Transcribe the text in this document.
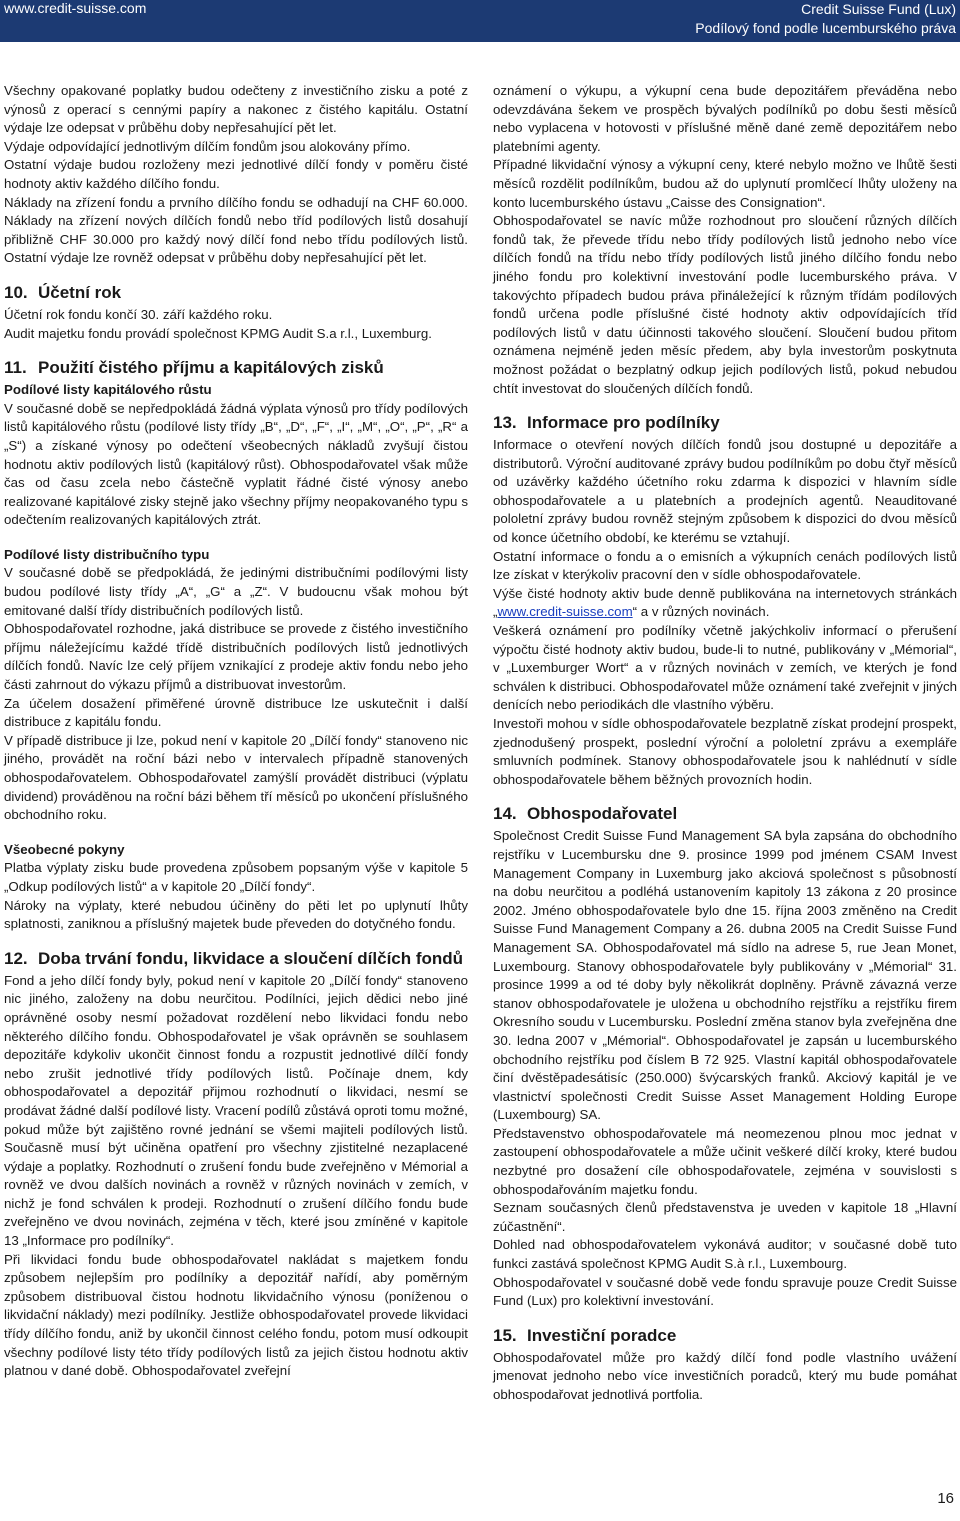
www.credit-suisse.com	Credit Suisse Fund (Lux)
Podílový fond podle lucemburského práva

Všechny opakované poplatky budou odečteny z investičního zisku a poté z výnosů z operací s cennými papíry a nakonec z čistého kapitálu. Ostatní výdaje lze odepsat v průběhu doby nepřesahující pět let.

Výdaje odpovídající jednotlivým dílčím fondům jsou alokovány přímo.

Ostatní výdaje budou rozloženy mezi jednotlivé dílčí fondy v poměru čisté hodnoty aktiv každého dílčího fondu.

Náklady na zřízení fondu a prvního dílčího fondu se odhadují na CHF 60.000. Náklady na zřízení nových dílčích fondů nebo tříd podílových listů dosahují přibližně CHF 30.000 pro každý nový dílčí fond nebo třídu podílových listů. Ostatní výdaje lze rovněž odepsat v průběhu doby nepřesahující pět let.

10. Účetní rok

Účetní rok fondu končí 30. září každého roku.

Audit majetku fondu provádí společnost KPMG Audit S.a r.l., Luxemburg.

11. Použití čistého příjmu a kapitálových zisků
Podílové listy kapitálového růstu

V současné době se nepředpokládá žádná výplata výnosů pro třídy podílových listů kapitálového růstu (podílové listy třídy „B“, „D“, „F“, „I“, „M“, „O“, „P“, „R“ a „S“) a získané výnosy po odečtení všeobecných nákladů zvyšují čistou hodnotu aktiv podílových listů (kapitálový růst). Obhospodařovatel však může čas od času zcela nebo částečně vyplatit řádné čisté výnosy anebo realizované kapitálové zisky stejně jako všechny příjmy neopakovaného typu s odečtením realizovaných kapitálových ztrát.

Podílové listy distribučního typu

V současné době se předpokládá, že jedinými distribučními podílovými listy budou podílové listy třídy „A“, „G“ a „Z“. V budoucnu však mohou být emitované další třídy distribučních podílových listů.

Obhospodařovatel rozhodne, jaká distribuce se provede z čistého investičního příjmu náležejícímu každé třídě distribučních podílových listů jednotlivých dílčích fondů. Navíc lze celý příjem vznikající z prodeje aktiv fondu nebo jeho části zahrnout do výkazu příjmů a distribuovat investorům.

Za účelem dosažení přiměřené úrovně distribuce lze uskutečnit i další distribuce z kapitálu fondu.

V případě distribuce ji lze, pokud není v kapitole 20 „Dílčí fondy“ stanoveno nic jiného, provádět na roční bázi nebo v intervalech případně stanovených obhospodařovatelem. Obhospodařovatel zamýšlí provádět distribuci (výplatu dividend) prováděnou na roční bázi během tří měsíců po ukončení příslušného obchodního roku.

Všeobecné pokyny

Platba výplaty zisku bude provedena způsobem popsaným výše v kapitole 5 „Odkup podílových listů“ a v kapitole 20 „Dílčí fondy“.

Nároky na výplaty, které nebudou účiněny do pěti let po uplynutí lhůty splatnosti, zaniknou a příslušný majetek bude převeden do dotyčného fondu.

12. Doba trvání fondu, likvidace a sloučení dílčích fondů

Fond a jeho dílčí fondy byly, pokud není v kapitole 20 „Dílčí fondy“ stanoveno nic jiného, založeny na dobu neurčitou. Podílníci, jejich dědici nebo jiné oprávněné osoby nesmí požadovat rozdělení nebo likvidaci fondu nebo některého dílčího fondu. Obhospodařovatel je však oprávněn se souhlasem depozitáře kdykoliv ukončit činnost fondu a rozpustit jednotlivé dílčí fondy nebo zrušit jednotlivé třídy podílových listů. Počínaje dnem, kdy obhospodařovatel a depozitář přijmou rozhodnutí o likvidaci, nesmí se prodávat žádné další podílové listy. Vracení podílů zůstává oproti tomu možné, pokud může být zajištěno rovné jednání se všemi majiteli podílových listů. Současně musí být učiněna opatření pro všechny zjistitelné nezaplacené výdaje a poplatky. Rozhodnutí o zrušení fondu bude zveřejněno v Mémorial a rovněž ve dvou dalších novinách a rovněž v různých novinách v zemích, v nichž je fond schválen k prodeji. Rozhodnutí o zrušení dílčího fondu bude zveřejněno ve dvou novinách, zejména v těch, které jsou zmíněné v kapitole 13 „Informace pro podílníky“.

Při likvidaci fondu bude obhospodařovatel nakládat s majetkem fondu způsobem nejlepším pro podílníky a depozitář nařídí, aby poměrným způsobem distribuoval čistou hodnotu likvidačního výnosu (poníženou o likvidační náklady) mezi podílníky. Jestliže obhospodařovatel provede likvidaci třídy dílčího fondu, aniž by ukončil činnost celého fondu, potom musí odkoupit všechny podílové listy této třídy podílových listů za jejich čistou hodnotu aktiv platnou v dané době. Obhospodařovatel zveřejní

oznámení o výkupu, a výkupní cena bude depozitářem převáděna nebo odevzdávána šekem ve prospěch bývalých podílníků po dobu šesti měsíců nebo vyplacena v hotovosti v příslušné měně dané země depozitářem nebo platebními agenty.

Případné likvidační výnosy a výkupní ceny, které nebylo možno ve lhůtě šesti měsíců rozdělit podílníkům, budou až do uplynutí promlčecí lhůty uloženy na konto lucemburského ústavu „Caisse des Consignation“.

Obhospodařovatel se navíc může rozhodnout pro sloučení různých dílčích fondů tak, že převede třídu nebo třídy podílových listů jednoho nebo více dílčích fondů na třídu nebo třídy podílových listů jiného dílčího fondu nebo jiného fondu pro kolektivní investování podle lucemburského práva. V takovýchto případech budou práva přináležející k různým třídám podílových fondů určena podle příslušné čisté hodnoty aktiv odpovídajících tříd podílových listů v datu účinnosti takového sloučení. Sloučení budou přitom oznámena nejméně jeden měsíc předem, aby byla investorům poskytnuta možnost požádat o bezplatný odkup jejich podílových listů, pokud nebudou chtít investovat do sloučených dílčích fondů.

13. Informace pro podílníky

Informace o otevření nových dílčích fondů jsou dostupné u depozitáře a distributorů. Výroční auditované zprávy budou podílníkům po dobu čtyř měsíců od uzávěrky každého účetního roku zdarma k dispozici v hlavním sídle obhospodařovatele a u platebních a prodejních agentů. Neauditované pololetní zprávy budou rovněž stejným způsobem k dispozici do dvou měsíců od konce účetního období, ke kterému se vztahují.

Ostatní informace o fondu a o emisních a výkupních cenách podílových listů lze získat v kterýkoliv pracovní den v sídle obhospodařovatele.

Výše čisté hodnoty aktiv bude denně publikována na internetovych stránkách „www.credit-suisse.com“ a v různých novinách.

Veškerá oznámení pro podílníky včetně jakýchkoliv informací o přerušení výpočtu čisté hodnoty aktiv budou, bude-li to nutné, publikovány v „Mémorial“, v „Luxemburger Wort“ a v různých novinách v zemích, ve kterých je fond schválen k distribuci. Obhospodařovatel může oznámení také zveřejnit v jiných denících nebo periodikách dle vlastního výběru.

Investoři mohou v sídle obhospodařovatele bezplatně získat prodejní prospekt, zjednodušený prospekt, poslední výroční a pololetní zprávu a exempláře smluvních podmínek. Stanovy obhospodařovatele jsou k nahlédnutí v sídle obhospodařovatele během běžných provozních hodin.

14. Obhospodařovatel

Společnost Credit Suisse Fund Management SA byla zapsána do obchodního rejstříku v Lucembursku dne 9. prosince 1999 pod jménem CSAM Invest Management Company in Luxemburg jako akciová společnost s působností na dobu neurčitou a podléhá ustanovením kapitoly 13 zákona z 20 prosince 2002. Jméno obhospodařovatele bylo dne 15. října 2003 změněno na Credit Suisse Fund Management Company a 26. dubna 2005 na Credit Suisse Fund Management SA. Obhospodařovatel má sídlo na adrese 5, rue Jean Monet, Luxembourg. Stanovy obhospodařovatele byly publikovány v „Mémorial“ 31. prosince 1999 a od té doby byly několikrát doplněny. Právně závazná verze stanov obhospodařovatele je uložena u obchodního rejstříku a rejstříku firem Okresního soudu v Lucembursku. Poslední změna stanov byla zveřejněna dne 30. ledna 2007 v „Mémorial“. Obhospodařovatel je zapsán u lucemburského obchodního rejstříku pod číslem B 72 925. Vlastní kapitál obhospodařovatele činí dvěstěpadesátisíc (250.000) švýcarských franků. Akciový kapitál je ve vlastnictví společnosti Credit Suisse Asset Management Holding Europe (Luxembourg) SA.

Představenstvo obhospodařovatele má neomezenou plnou moc jednat v zastoupení obhospodařovatele a může učinit veškeré dílčí kroky, které budou nezbytné pro dosažení cíle obhospodařovatele, zejména v souvislosti s obhospodařováním majetku fondu.

Seznam současných členů představenstva je uveden v kapitole 18 „Hlavní zúčastnění“.

Dohled nad obhospodařovatelem vykonává auditor; v současné době tuto funkci zastává společnost KPMG Audit S.à r.l., Luxembourg.

Obhospodařovatel v současné době vede fondu spravuje pouze Credit Suisse Fund (Lux) pro kolektivní investování.

15. Investiční poradce

Obhospodařovatel může pro každý dílčí fond podle vlastního uvážení jmenovat jednoho nebo více investičních poradců, který mu bude pomáhat obhospodařovat jednotlivá portfolia.

16
